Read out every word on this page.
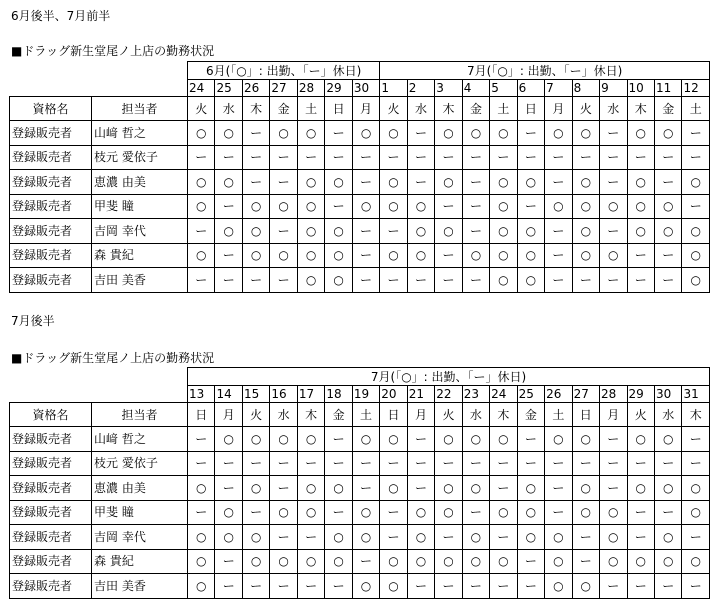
6月後半、7月前半
■ドラッグ新生堂尾ノ上店の勤務状況
		6月(「○」: 出勤、「ー」休日)							7月(「○」: 出勤、「ー」休日)											
		24	25	26	27	28	29	30	1	2	3	4	5	6	7	8	9	10	11	12
資格名	担当者	火	水	木	金	土	日	月	火	水	木	金	土	日	月	火	水	木	金	土
登録販売者	山﨑 哲之	○	○	ー	○	○	ー	○	○	ー	○	○	○	ー	○	○	ー	○	○	ー
登録販売者	枝元 愛依子	ー	ー	ー	ー	ー	ー	ー	ー	ー	ー	ー	ー	ー	ー	ー	ー	ー	ー	ー
登録販売者	恵濃 由美	○	○	ー	ー	○	○	ー	○	ー	○	ー	○	○	ー	○	ー	○	ー	○
登録販売者	甲斐 瞳	○	ー	○	○	○	ー	○	○	○	ー	ー	○	ー	○	○	○	○	○	ー
登録販売者	吉岡 幸代	ー	○	○	ー	○	○	ー	ー	○	○	ー	○	○	ー	○	ー	○	○	○
登録販売者	森 貴紀	○	ー	○	○	○	○	ー	○	○	ー	○	○	○	ー	○	○	ー	ー	○
登録販売者	吉田 美香	ー	ー	ー	ー	○	○	ー	ー	ー	ー	ー	○	○	ー	ー	ー	ー	ー	○
7月後半
■ドラッグ新生堂尾ノ上店の勤務状況
		7月(「○」: 出勤、「ー」休日)																		
		13	14	15	16	17	18	19	20	21	22	23	24	25	26	27	28	29	30	31
資格名	担当者	日	月	火	水	木	金	土	日	月	火	水	木	金	土	日	月	火	水	木
登録販売者	山﨑 哲之	ー	○	○	○	○	ー	○	○	ー	○	○	○	ー	○	○	ー	○	○	ー
登録販売者	枝元 愛依子	ー	ー	ー	ー	ー	ー	ー	ー	ー	ー	ー	ー	ー	ー	ー	ー	ー	ー	ー
登録販売者	恵濃 由美	○	ー	○	ー	○	○	ー	○	ー	○	○	ー	○	ー	○	ー	○	○	○
登録販売者	甲斐 瞳	ー	○	ー	○	○	ー	○	ー	○	○	ー	○	○	ー	○	○	ー	ー	○
登録販売者	吉岡 幸代	○	○	○	ー	ー	○	○	ー	○	ー	○	ー	○	○	ー	○	ー	○	ー
登録販売者	森 貴紀	○	ー	○	○	○	○	ー	○	○	○	○	○	ー	○	ー	○	○	○	○
登録販売者	吉田 美香	○	ー	ー	ー	ー	ー	○	○	ー	ー	ー	ー	ー	○	○	ー	ー	ー	ー
